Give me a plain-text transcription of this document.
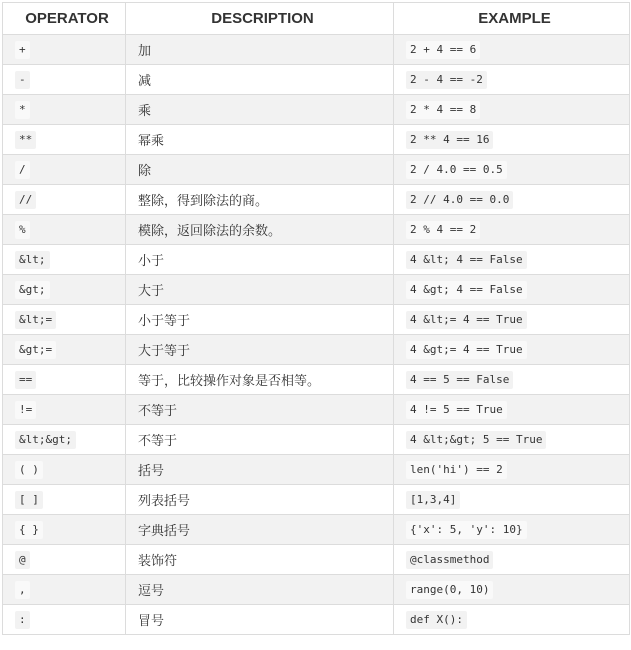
OPERATOR	DESCRIPTION	EXAMPLE
+	加	2 + 4 == 6
-	减	2 - 4 == -2
*	乘	2 * 4 == 8
**	幂乘	2 ** 4 == 16
/	除	2 / 4.0 == 0.5
//	整除，得到除法的商。	2 // 4.0 == 0.0
%	模除，返回除法的余数。	2 % 4 == 2
&lt;	小于	4 &lt; 4 == False
&gt;	大于	4 &gt; 4 == False
&lt;=	小于等于	4 &lt;= 4 == True
&gt;=	大于等于	4 &gt;= 4 == True
==	等于，比较操作对象是否相等。	4 == 5 == False
!=	不等于	4 != 5 == True
&lt;&gt;	不等于	4 &lt;&gt; 5 == True
( )	括号	len('hi') == 2
[ ]	列表括号	[1,3,4]
{ }	字典括号	{'x': 5, 'y': 10}
@	装饰符	@classmethod
,	逗号	range(0, 10)
:	冒号	def X():
